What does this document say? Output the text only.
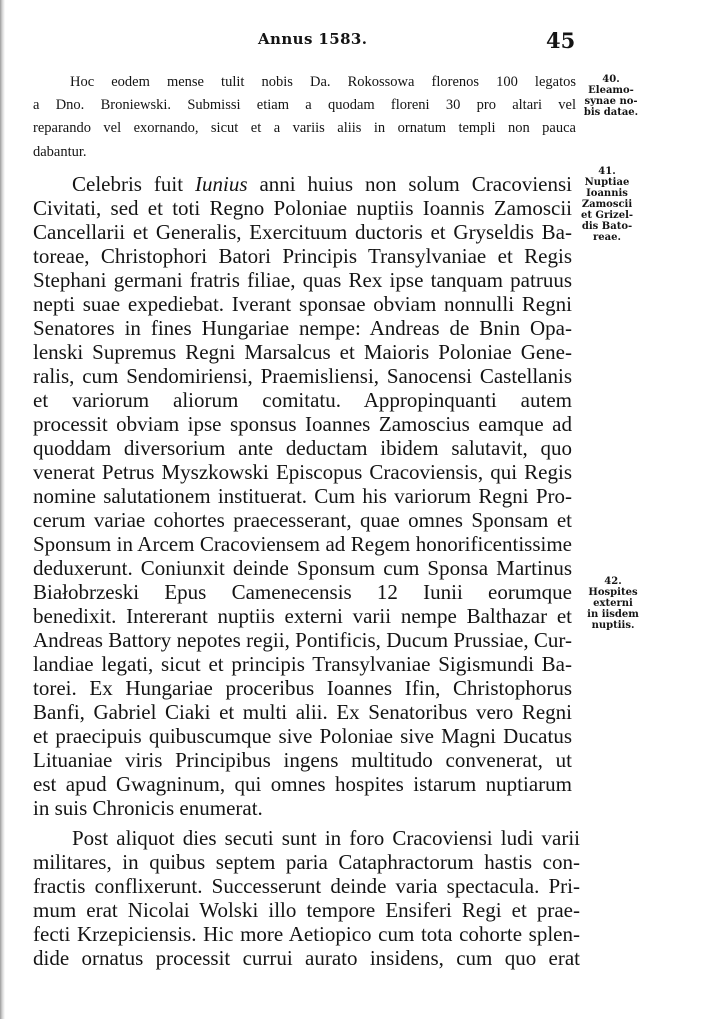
Annus 1583.	45
Hoc eodem mense tulit nobis Da. Rokossowa florenos 100 legatos
a Dno. Broniewski. Submissi etiam a quodam floreni 30 pro altari vel
reparando vel exornando, sicut et a variis aliis in ornatum templi non pauca
dabantur.
Celebris fuit Iunius anni huius non solum Cracoviensi
Civitati, sed et toti Regno Poloniae nuptiis Ioannis Zamoscii
Cancellarii et Generalis, Exercituum ductoris et Gryseldis Ba-
toreae, Christophori Batori Principis Transylvaniae et Regis
Stephani germani fratris filiae, quas Rex ipse tanquam patruus
nepti suae expediebat. Iverant sponsae obviam nonnulli Regni
Senatores in fines Hungariae nempe: Andreas de Bnin Opa-
lenski Supremus Regni Marsalcus et Maioris Poloniae Gene-
ralis, cum Sendomiriensi, Praemisliensi, Sanocensi Castellanis
et variorum aliorum comitatu. Appropinquanti autem
processit obviam ipse sponsus Ioannes Zamoscius eamque ad
quoddam diversorium ante deductam ibidem salutavit, quo
venerat Petrus Myszkowski Episcopus Cracoviensis, qui Regis
nomine salutationem instituerat. Cum his variorum Regni Pro-
cerum variae cohortes praecesserant, quae omnes Sponsam et
Sponsum in Arcem Cracoviensem ad Regem honorificentissime
deduxerunt. Coniunxit deinde Sponsum cum Sponsa Martinus
Białobrzeski Epus Camenecensis 12 Iunii eorumque
benedixit. Intererant nuptiis externi varii nempe Balthazar et
Andreas Battory nepotes regii, Pontificis, Ducum Prussiae, Cur-
landiae legati, sicut et principis Transylvaniae Sigismundi Ba-
torei. Ex Hungariae proceribus Ioannes Ifin, Christophorus
Banfi, Gabriel Ciaki et multi alii. Ex Senatoribus vero Regni
et praecipuis quibuscumque sive Poloniae sive Magni Ducatus
Lituaniae viris Principibus ingens multitudo convenerat, ut
est apud Gwagninum, qui omnes hospites istarum nuptiarum
in suis Chronicis enumerat.
Post aliquot dies secuti sunt in foro Cracoviensi ludi varii
militares, in quibus septem paria Cataphractorum hastis con-
fractis conflixerunt. Successerunt deinde varia spectacula. Pri-
mum erat Nicolai Wolski illo tempore Ensiferi Regi et prae-
fecti Krzepiciensis. Hic more Aetiopico cum tota cohorte splen-
dide ornatus processit currui aurato insidens, cum quo erat
40.
Eleamo-
synae no-
bis datae.
41.
Nuptiae
Ioannis
Zamoscii
et Grizel-
dis Bato-
reae.
42.
Hospites
externi
in iisdem
nuptiis.
